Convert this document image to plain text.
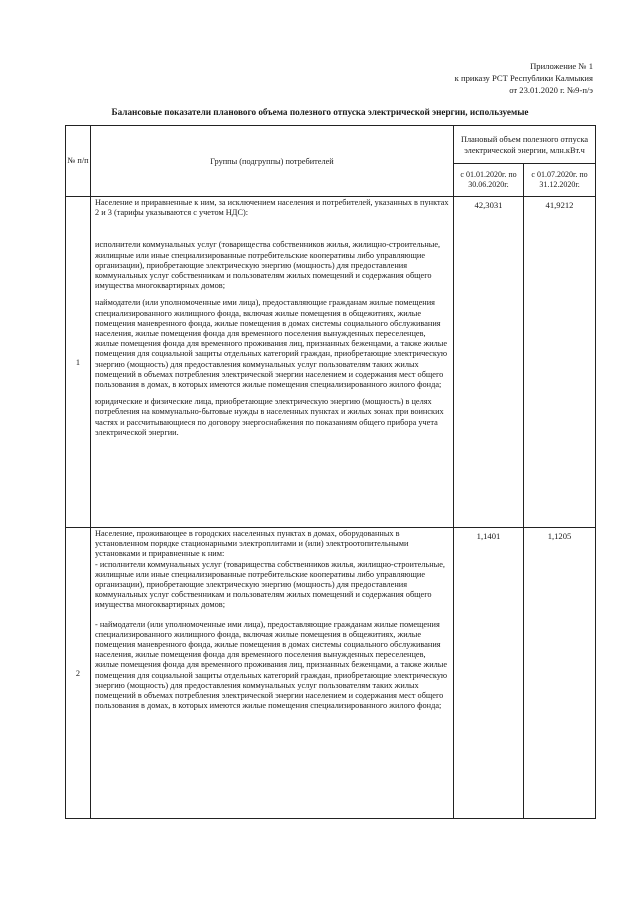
Приложение № 1
к приказу РСТ Республики Калмыкия
от 23.01.2020 г. №9-п/э
Балансовые показатели планового объема полезного отпуска электрической энергии, используемые
№ п/п	Группы (подгруппы) потребителей	Плановый объем полезного отпуска электрической энергии, млн.кВт.ч	
		с 01.01.2020г. по 30.06.2020г.	с 01.07.2020г. по 31.12.2020г.
1	Население и приравненные к ним, за исключением населения и потребителей, указанных в пунктах 2 и 3 (тарифы указываются с учетом НДС):

исполнители коммунальных услуг (товарищества собственников жилья, жилищно-строительные, жилищные или иные специализированные потребительские кооперативы либо управляющие организации), приобретающие электрическую энергию (мощность) для предоставления коммунальных услуг собственникам и пользователям жилых помещений и содержания общего имущества многоквартирных домов;

наймодатели (или уполномоченные ими лица), предоставляющие гражданам жилые помещения специализированного жилищного фонда, включая жилые помещения в общежитиях, жилые помещения маневренного фонда, жилые помещения в домах системы социального обслуживания населения, жилые помещения фонда для временного поселения вынужденных переселенцев, жилые помещения фонда для временного проживания лиц, признанных беженцами, а также жилые помещения для социальной защиты отдельных категорий граждан, приобретающие электрическую энергию (мощность) для предоставления коммунальных услуг пользователям таких жилых помещений в объемах потребления электрической энергии населением и содержания мест общего пользования в домах, в которых имеются жилые помещения специализированного жилого фонда;

юридические и физические лица, приобретающие электрическую энергию (мощность) в целях потребления на коммунально-бытовые нужды в населенных пунктах и жилых зонах при воинских частях и рассчитывающиеся по договору энергоснабжения по показаниям общего прибора учета электрической энергии.	42,3031	41,9212
2	Население, проживающее в городских населенных пунктах в домах, оборудованных в установленном порядке стационарными электроплитами и (или) электроотопительными установками и приравненные к ним:

- исполнители коммунальных услуг (товарищества собственников жилья, жилищно-строительные, жилищные или иные специализированные потребительские кооперативы либо управляющие организации), приобретающие электрическую энергию (мощность) для предоставления коммунальных услуг собственникам и пользователям жилых помещений и содержания общего имущества многоквартирных домов;

- наймодатели (или уполномоченные ими лица), предоставляющие гражданам жилые помещения специализированного жилищного фонда, включая жилые помещения в общежитиях, жилые помещения маневренного фонда, жилые помещения в домах системы социального обслуживания населения, жилые помещения фонда для временного поселения вынужденных переселенцев, жилые помещения фонда для временного проживания лиц, признанных беженцами, а также жилые помещения для социальной защиты отдельных категорий граждан, приобретающие электрическую энергию (мощность) для предоставления коммунальных услуг пользователям таких жилых помещений в объемах потребления электрической энергии населением и содержания мест общего пользования в домах, в которых имеются жилые помещения специализированного жилого фонда;	1,1401	1,1205
